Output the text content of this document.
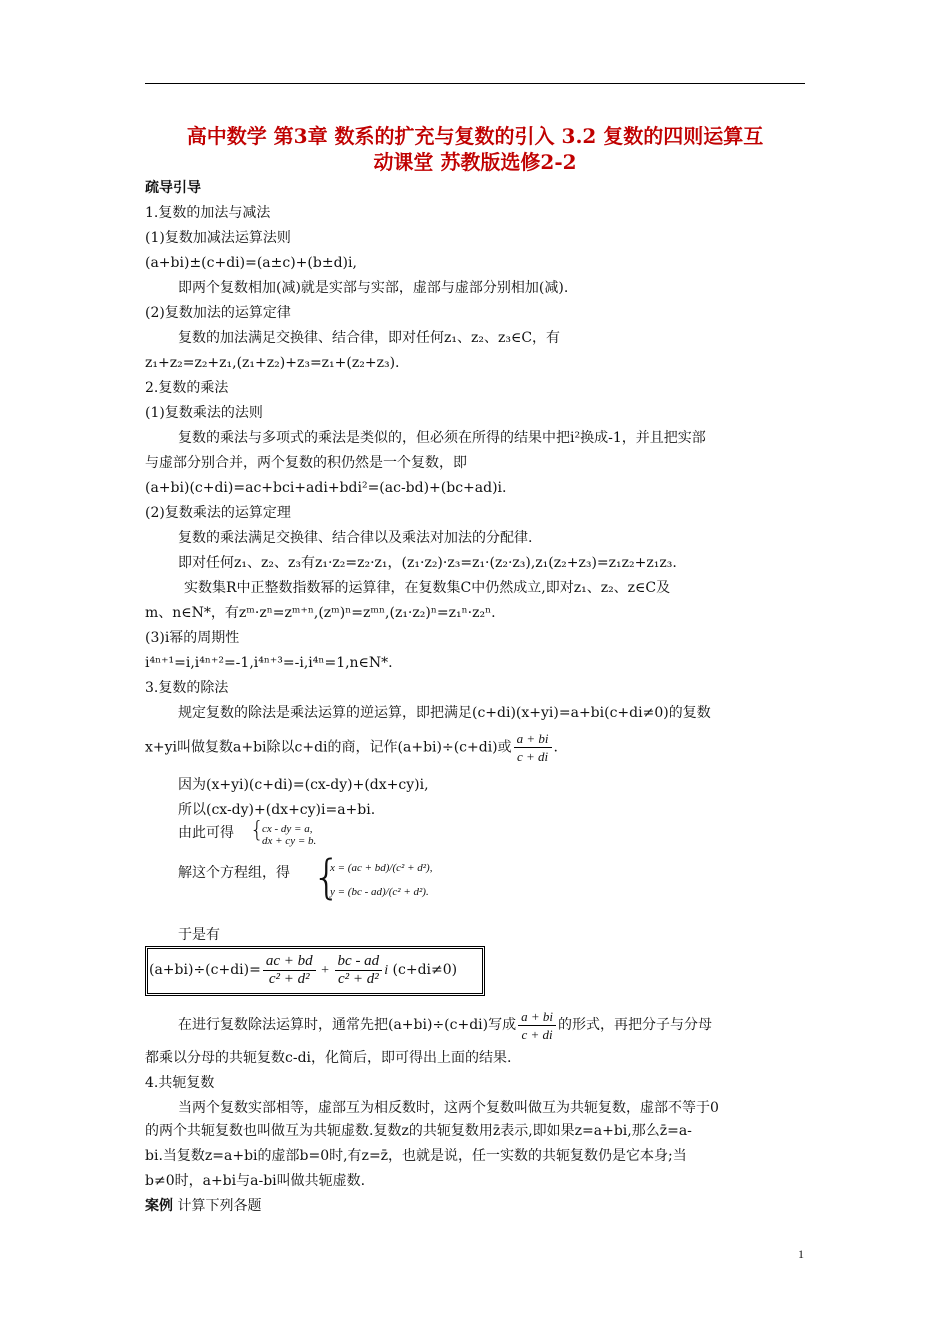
高中数学 第3章 数系的扩充与复数的引入 3.2 复数的四则运算互
动课堂 苏教版选修2-2
疏导引导
1.复数的加法与减法
(1)复数加减法运算法则
(a+bi)±(c+di)=(a±c)+(b±d)i,
即两个复数相加(减)就是实部与实部，虚部与虚部分别相加(减).
(2)复数加法的运算定律
复数的加法满足交换律、结合律，即对任何z₁、z₂、z₃∈C，有
z₁+z₂=z₂+z₁,(z₁+z₂)+z₃=z₁+(z₂+z₃).
2.复数的乘法
(1)复数乘法的法则
复数的乘法与多项式的乘法是类似的，但必须在所得的结果中把i²换成-1，并且把实部
与虚部分别合并，两个复数的积仍然是一个复数，即
(a+bi)(c+di)=ac+bci+adi+bdi²=(ac-bd)+(bc+ad)i.
(2)复数乘法的运算定理
复数的乘法满足交换律、结合律以及乘法对加法的分配律.
即对任何z₁、z₂、z₃有z₁·z₂=z₂·z₁，(z₁·z₂)·z₃=z₁·(z₂·z₃),z₁(z₂+z₃)=z₁z₂+z₁z₃.
实数集R中正整数指数幂的运算律，在复数集C中仍然成立,即对z₁、z₂、z∈C及
m、n∈N*，有zᵐ·zⁿ=zᵐ⁺ⁿ,(zᵐ)ⁿ=zᵐⁿ,(z₁·z₂)ⁿ=z₁ⁿ·z₂ⁿ.
(3)i幂的周期性
i⁴ⁿ⁺¹=i,i⁴ⁿ⁺²=-1,i⁴ⁿ⁺³=-i,i⁴ⁿ=1,n∈N*.
3.复数的除法
规定复数的除法是乘法运算的逆运算，即把满足(c+di)(x+yi)=a+bi(c+di≠0)的复数
x+yi叫做复数a+bi除以c+di的商，记作(a+bi)÷(c+di)或 $\frac{a + bi}{c + di}$ .
因为(x+yi)(c+di)=(cx-dy)+(dx+cy)i,
所以(cx-dy)+(dx+cy)i=a+bi.
由此可得 {
cx - dy = a,
dx + cy = b.
解这个方程组，得 {
x = (ac + bd)/(c² + d²),
y = (bc - ad)/(c² + d²).
于是有
$(a+bi)\div(c+di)= \frac{ac + bd}{\text{c² + d²}} + \frac{bc - ad}{\text{c² + d²}}$ i (c+di≠0)
在进行复数除法运算时，通常先把(a+bi)÷(c+di)写成 $\frac{a + bi}{c + di}$ 的形式，再把分子与分母
都乘以分母的共轭复数c-di，化简后，即可得出上面的结果.
4.共轭复数
当两个复数实部相等，虚部互为相反数时，这两个复数叫做互为共轭复数，虚部不等于0
的两个共轭复数也叫做互为共轭虚数.复数z的共轭复数用z̄表示,即如果z=a+bi,那么z̄=a-
bi.当复数z=a+bi的虚部b=0时,有z=z̄，也就是说，任一实数的共轭复数仍是它本身;当
b≠0时，a+bi与a-bi叫做共轭虚数.
案例 计算下列各题
1
